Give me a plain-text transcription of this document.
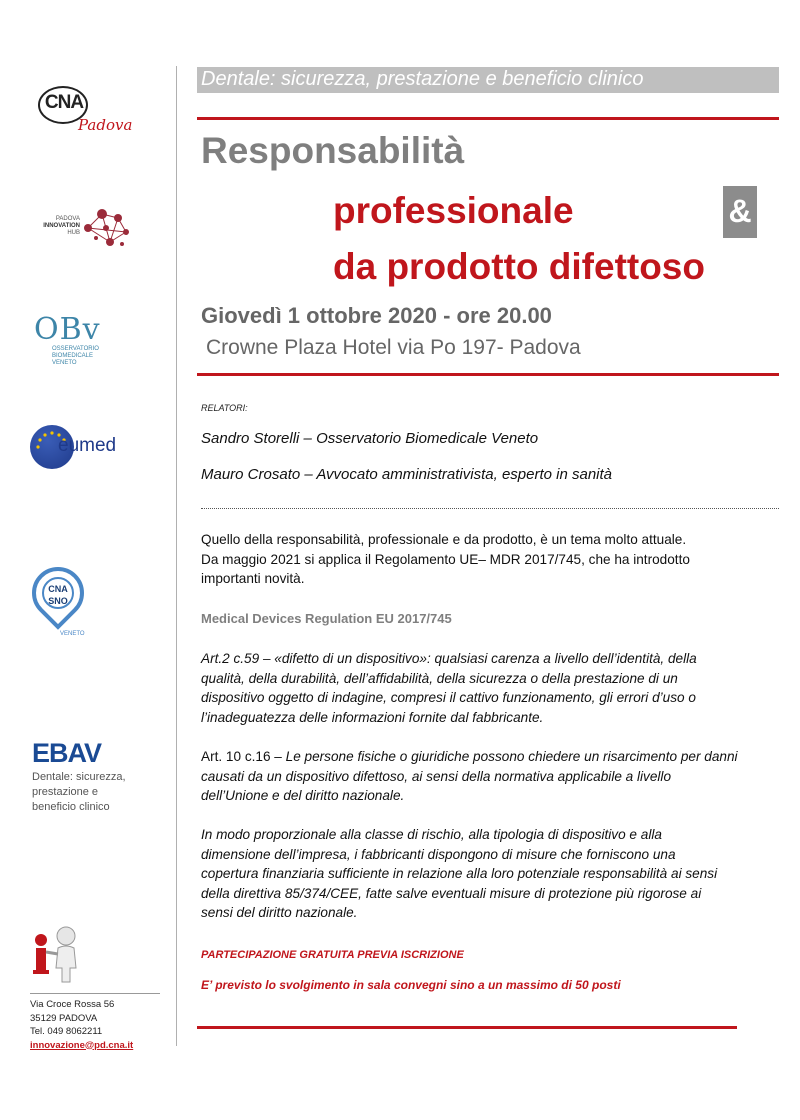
CNA
Padova
PADOVA
INNOVATION
HUB
OBv
OSSERVATORIO
BIOMEDICALE
VENETO
eumed
CNA
SNO
VENETO
EBAV
Dentale: sicurezza,
prestazione e
beneficio clinico
Via Croce Rossa 56
35129 PADOVA
Tel. 049 8062211
innovazione@pd.cna.it
Dentale: sicurezza, prestazione e beneficio clinico
Responsabilità
professionale	&
da prodotto difettoso
Giovedì 1 ottobre 2020 - ore 20.00
Crowne Plaza Hotel via Po 197- Padova
RELATORI:
Sandro Storelli – Osservatorio Biomedicale Veneto
Mauro Crosato – Avvocato amministrativista, esperto in sanità
Quello della responsabilità, professionale e da prodotto, è un tema molto attuale.
Da maggio 2021 si applica il Regolamento UE– MDR 2017/745, che ha introdotto
importanti novità.
Medical Devices Regulation EU 2017/745
Art.2 c.59 – «difetto di un dispositivo»: qualsiasi carenza a livello dell’identità, della
qualità, della durabilità, dell’affidabilità, della sicurezza o della prestazione di un
dispositivo oggetto di indagine, compresi il cattivo funzionamento, gli errori d’uso o
l’inadeguatezza delle informazioni fornite dal fabbricante.
Art. 10 c.16 – Le persone fisiche o giuridiche possono chiedere un risarcimento per danni
causati da un dispositivo difettoso, ai sensi della normativa applicabile a livello
dell’Unione e del diritto nazionale.
In modo proporzionale alla classe di rischio, alla tipologia di dispositivo e alla
dimensione dell’impresa, i fabbricanti dispongono di misure che forniscono una
copertura finanziaria sufficiente in relazione alla loro potenziale responsabilità ai sensi
della direttiva 85/374/CEE, fatte salve eventuali misure di protezione più rigorose ai
sensi del diritto nazionale.
PARTECIPAZIONE GRATUITA PREVIA ISCRIZIONE
E’ previsto lo svolgimento in sala convegni sino a un massimo di 50 posti
